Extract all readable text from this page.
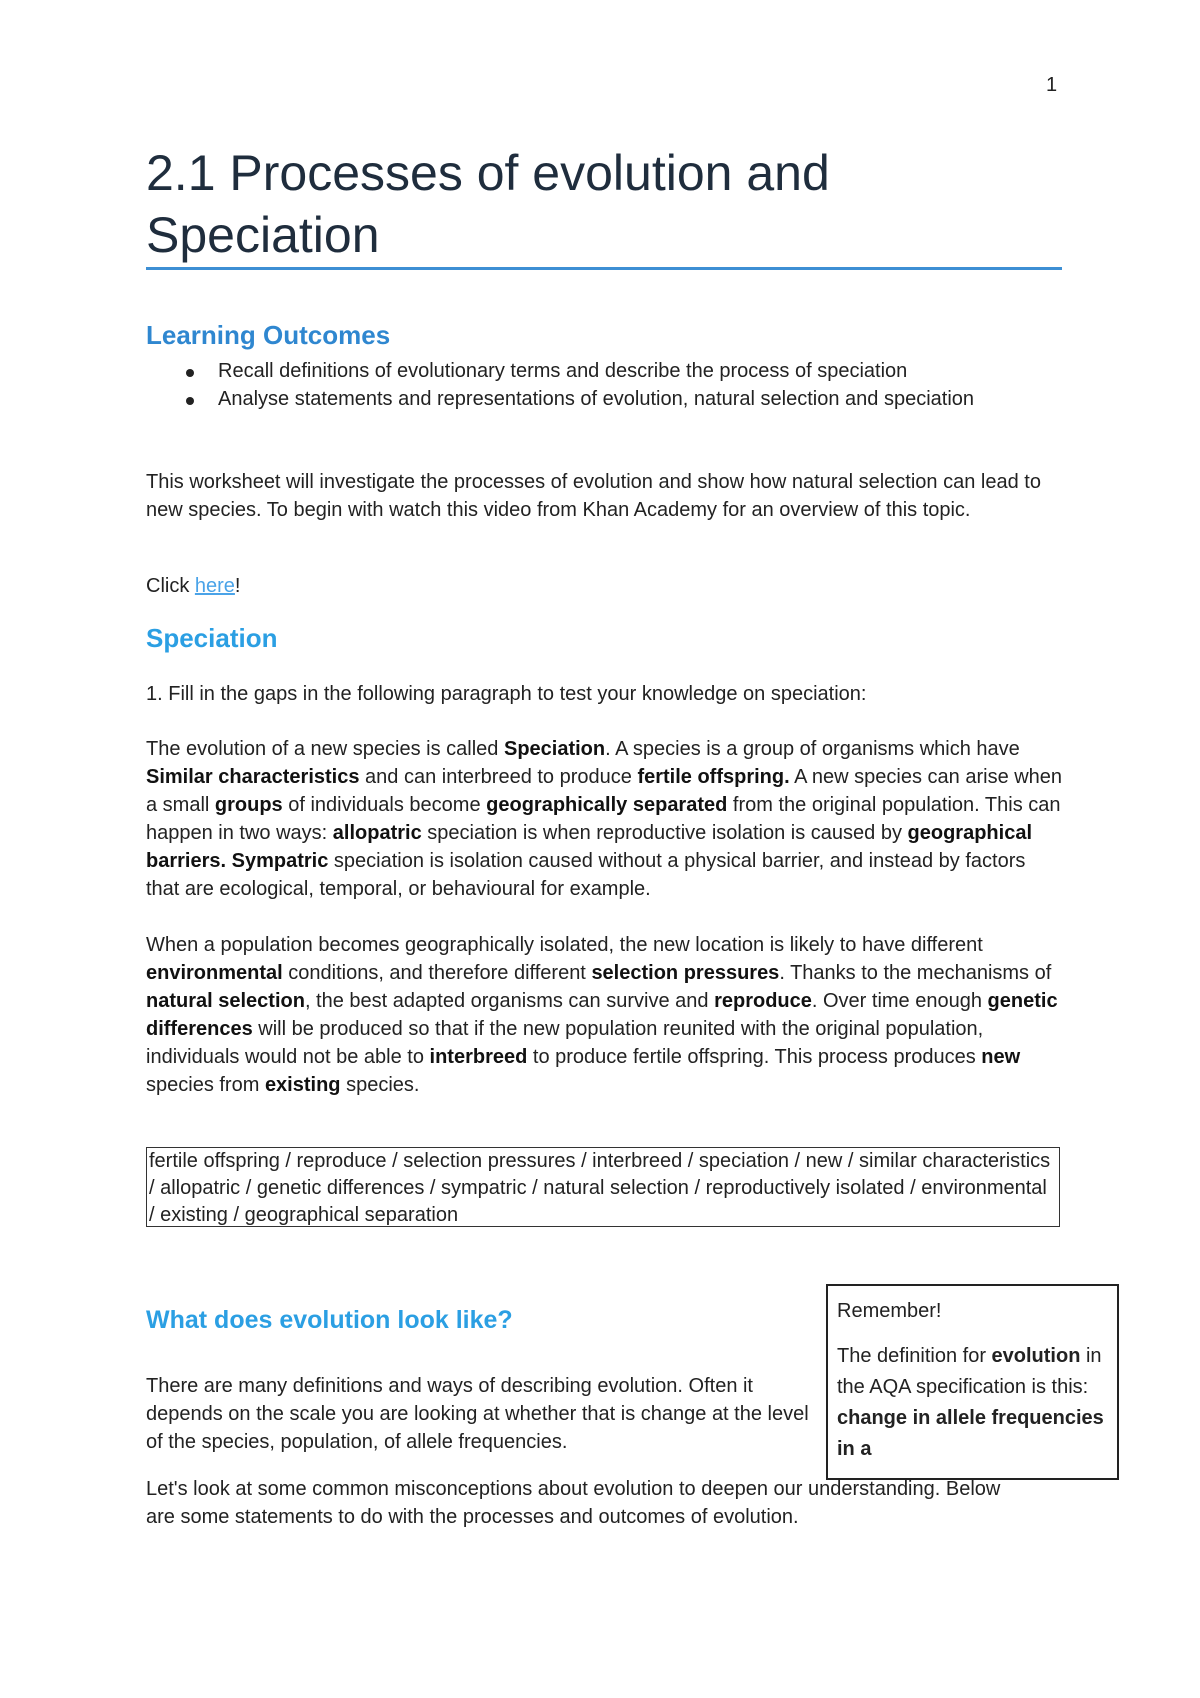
1
2.1 Processes of evolution and Speciation
Learning Outcomes
Recall definitions of evolutionary terms and describe the process of speciation
Analyse statements and representations of evolution, natural selection and speciation

This worksheet will investigate the processes of evolution and show how natural selection can lead to new species. To begin with watch this video from Khan Academy for an overview of this topic.

Click here!

Speciation

1. Fill in the gaps in the following paragraph to test your knowledge on speciation:

The evolution of a new species is called Speciation. A species is a group of organisms which have Similar characteristics and can interbreed to produce fertile offspring. A new species can arise when a small groups of individuals become geographically separated from the original population. This can happen in two ways: allopatric speciation is when reproductive isolation is caused by geographical barriers. Sympatric speciation is isolation caused without a physical barrier, and instead by factors that are ecological, temporal, or behavioural for example.

When a population becomes geographically isolated, the new location is likely to have different environmental conditions, and therefore different selection pressures. Thanks to the mechanisms of natural selection, the best adapted organisms can survive and reproduce. Over time enough genetic differences will be produced so that if the new population reunited with the original population, individuals would not be able to interbreed to produce fertile offspring. This process produces new species from existing species.

fertile offspring / reproduce / selection pressures / interbreed / speciation / new / similar characteristics / allopatric / genetic differences / sympatric / natural selection / reproductively isolated / environmental / existing / geographical separation
What does evolution look like?

There are many definitions and ways of describing evolution. Often it depends on the scale you are looking at whether that is change at the level of the species, population, of allele frequencies.

Let's look at some common misconceptions about evolution to deepen our understanding. Below are some statements to do with the processes and outcomes of evolution.

Remember!

The definition for evolution in the AQA specification is this: change in allele frequencies in a
